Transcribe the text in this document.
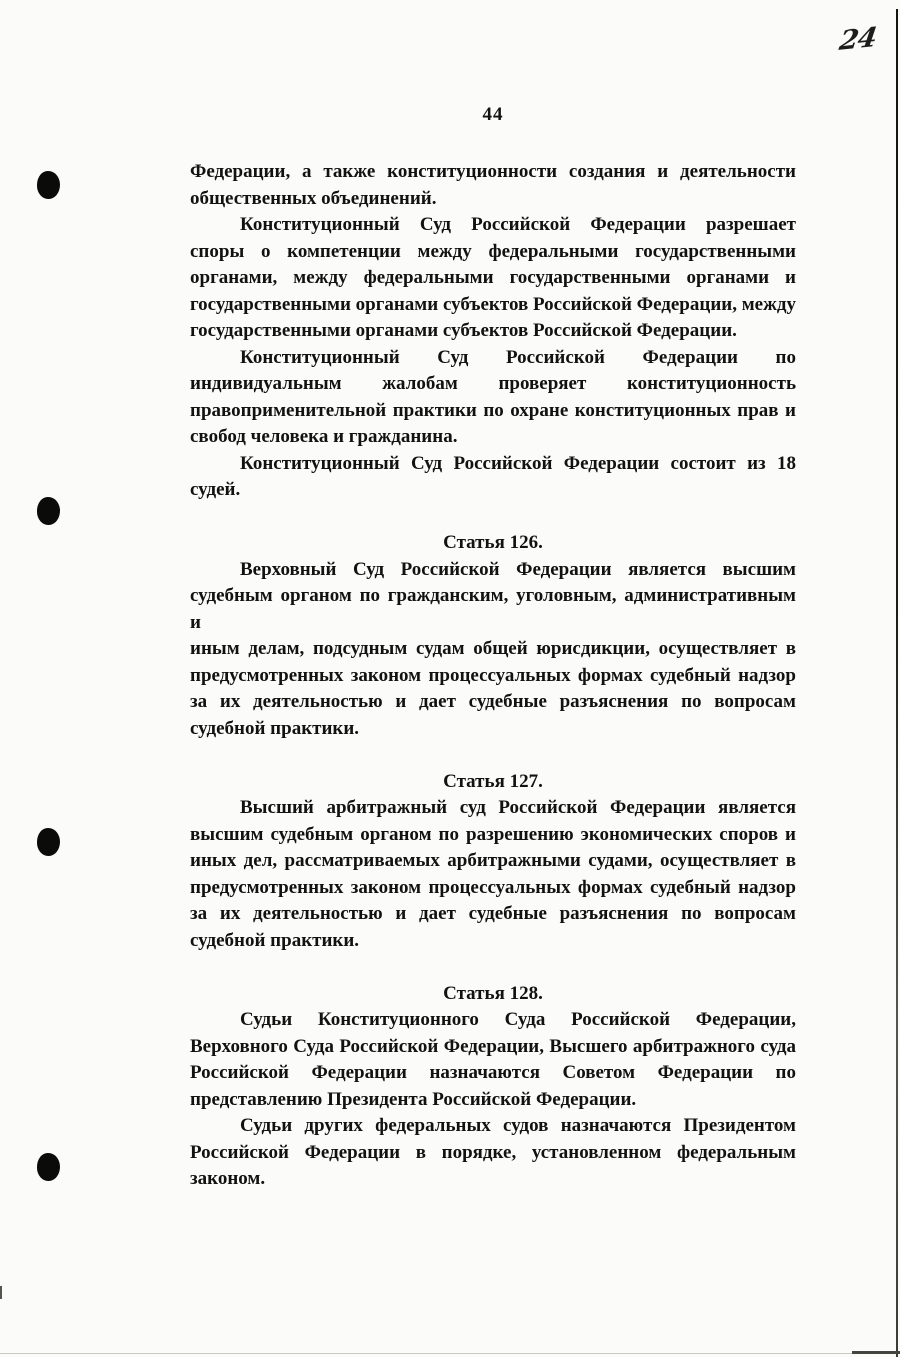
24
44
Федерации, а также конституционности создания и деятельности
общественных объединений.
Конституционный Суд Российской Федерации разрешает
споры о компетенции между федеральными государственными
органами, между федеральными государственными органами и
государственными органами субъектов Российской Федерации, между
государственными органами субъектов Российской Федерации.
Конституционный Суд Российской Федерации по
индивидуальным жалобам проверяет конституционность
правоприменительной практики по охране конституционных прав и
свобод человека и гражданина.
Конституционный Суд Российской Федерации состоит из 18
судей.
Статья 126.
Верховный Суд Российской Федерации является высшим
судебным органом по гражданским, уголовным, административным и
иным делам, подсудным судам общей юрисдикции, осуществляет в
предусмотренных законом процессуальных формах судебный надзор
за их деятельностью и дает судебные разъяснения по вопросам
судебной практики.
Статья 127.
Высший арбитражный суд Российской Федерации является
высшим судебным органом по разрешению экономических споров и
иных дел, рассматриваемых арбитражными судами, осуществляет в
предусмотренных законом процессуальных формах судебный надзор
за их деятельностью и дает судебные разъяснения по вопросам
судебной практики.
Статья 128.
Судьи Конституционного Суда Российской Федерации,
Верховного Суда Российской Федерации, Высшего арбитражного суда
Российской Федерации назначаются Советом Федерации по
представлению Президента Российской Федерации.
Судьи других федеральных судов назначаются Президентом
Российской Федерации в порядке, установленном федеральным
законом.
